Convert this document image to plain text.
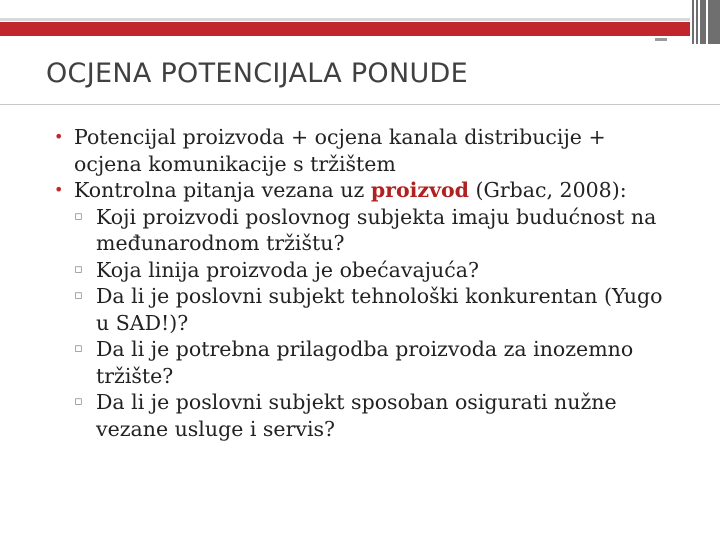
OCJENA POTENCIJALA PONUDE

• Potencijal proizvoda + ocjena kanala distribucije + ocjena komunikacije s tržištem

• Kontrolna pitanja vezana uz proizvod (Grbac, 2008):

▫ Koji proizvodi poslovnog subjekta imaju budućnost na međunarodnom tržištu?

▫ Koja linija proizvoda je obećavajuća?

▫ Da li je poslovni subjekt tehnološki konkurentan (Yugo u SAD!)?

▫ Da li je potrebna prilagodba proizvoda za inozemno tržište?

▫ Da li je poslovni subjekt sposoban osigurati nužne vezane usluge i servis?
